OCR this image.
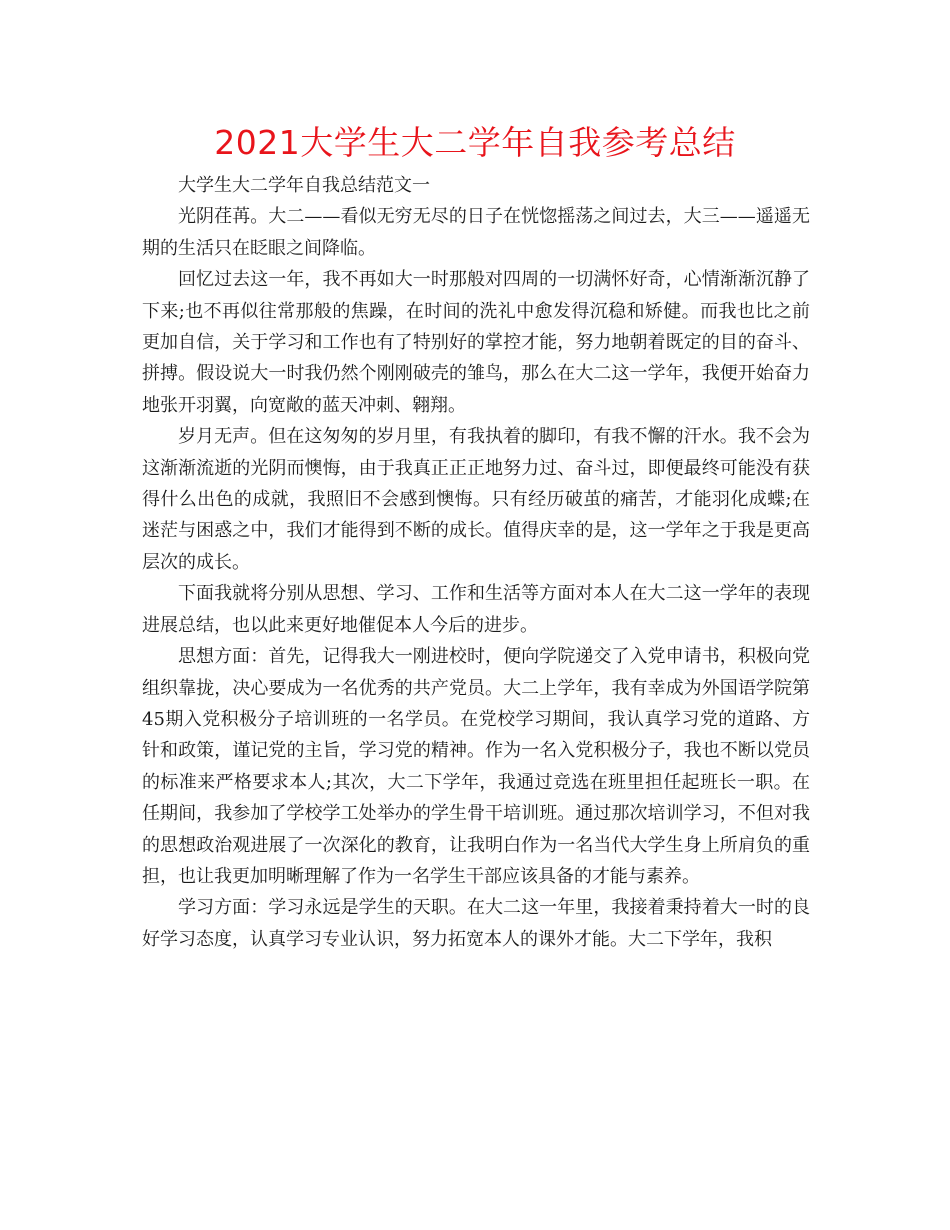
2021大学生大二学年自我参考总结

大学生大二学年自我总结范文一

光阴荏苒。大二——看似无穷无尽的日子在恍惚摇荡之间过去，大三——遥遥无期的生活只在眨眼之间降临。

回忆过去这一年，我不再如大一时那般对四周的一切满怀好奇，心情渐渐沉静了下来;也不再似往常那般的焦躁，在时间的洗礼中愈发得沉稳和矫健。而我也比之前更加自信，关于学习和工作也有了特别好的掌控才能，努力地朝着既定的目的奋斗、拼搏。假设说大一时我仍然个刚刚破壳的雏鸟，那么在大二这一学年，我便开始奋力地张开羽翼，向宽敞的蓝天冲刺、翱翔。

岁月无声。但在这匆匆的岁月里，有我执着的脚印，有我不懈的汗水。我不会为这渐渐流逝的光阴而懊悔，由于我真正正正地努力过、奋斗过，即便最终可能没有获得什么出色的成就，我照旧不会感到懊悔。只有经历破茧的痛苦，才能羽化成蝶;在迷茫与困惑之中，我们才能得到不断的成长。值得庆幸的是，这一学年之于我是更高层次的成长。

下面我就将分别从思想、学习、工作和生活等方面对本人在大二这一学年的表现进展总结，也以此来更好地催促本人今后的进步。

思想方面：首先，记得我大一刚进校时，便向学院递交了入党申请书，积极向党组织靠拢，决心要成为一名优秀的共产党员。大二上学年，我有幸成为外国语学院第45期入党积极分子培训班的一名学员。在党校学习期间，我认真学习党的道路、方针和政策，谨记党的主旨，学习党的精神。作为一名入党积极分子，我也不断以党员的标准来严格要求本人;其次，大二下学年，我通过竞选在班里担任起班长一职。在任期间，我参加了学校学工处举办的学生骨干培训班。通过那次培训学习，不但对我的思想政治观进展了一次深化的教育，让我明白作为一名当代大学生身上所肩负的重担，也让我更加明晰理解了作为一名学生干部应该具备的才能与素养。

学习方面：学习永远是学生的天职。在大二这一年里，我接着秉持着大一时的良好学习态度，认真学习专业认识，努力拓宽本人的课外才能。大二下学年，我积
